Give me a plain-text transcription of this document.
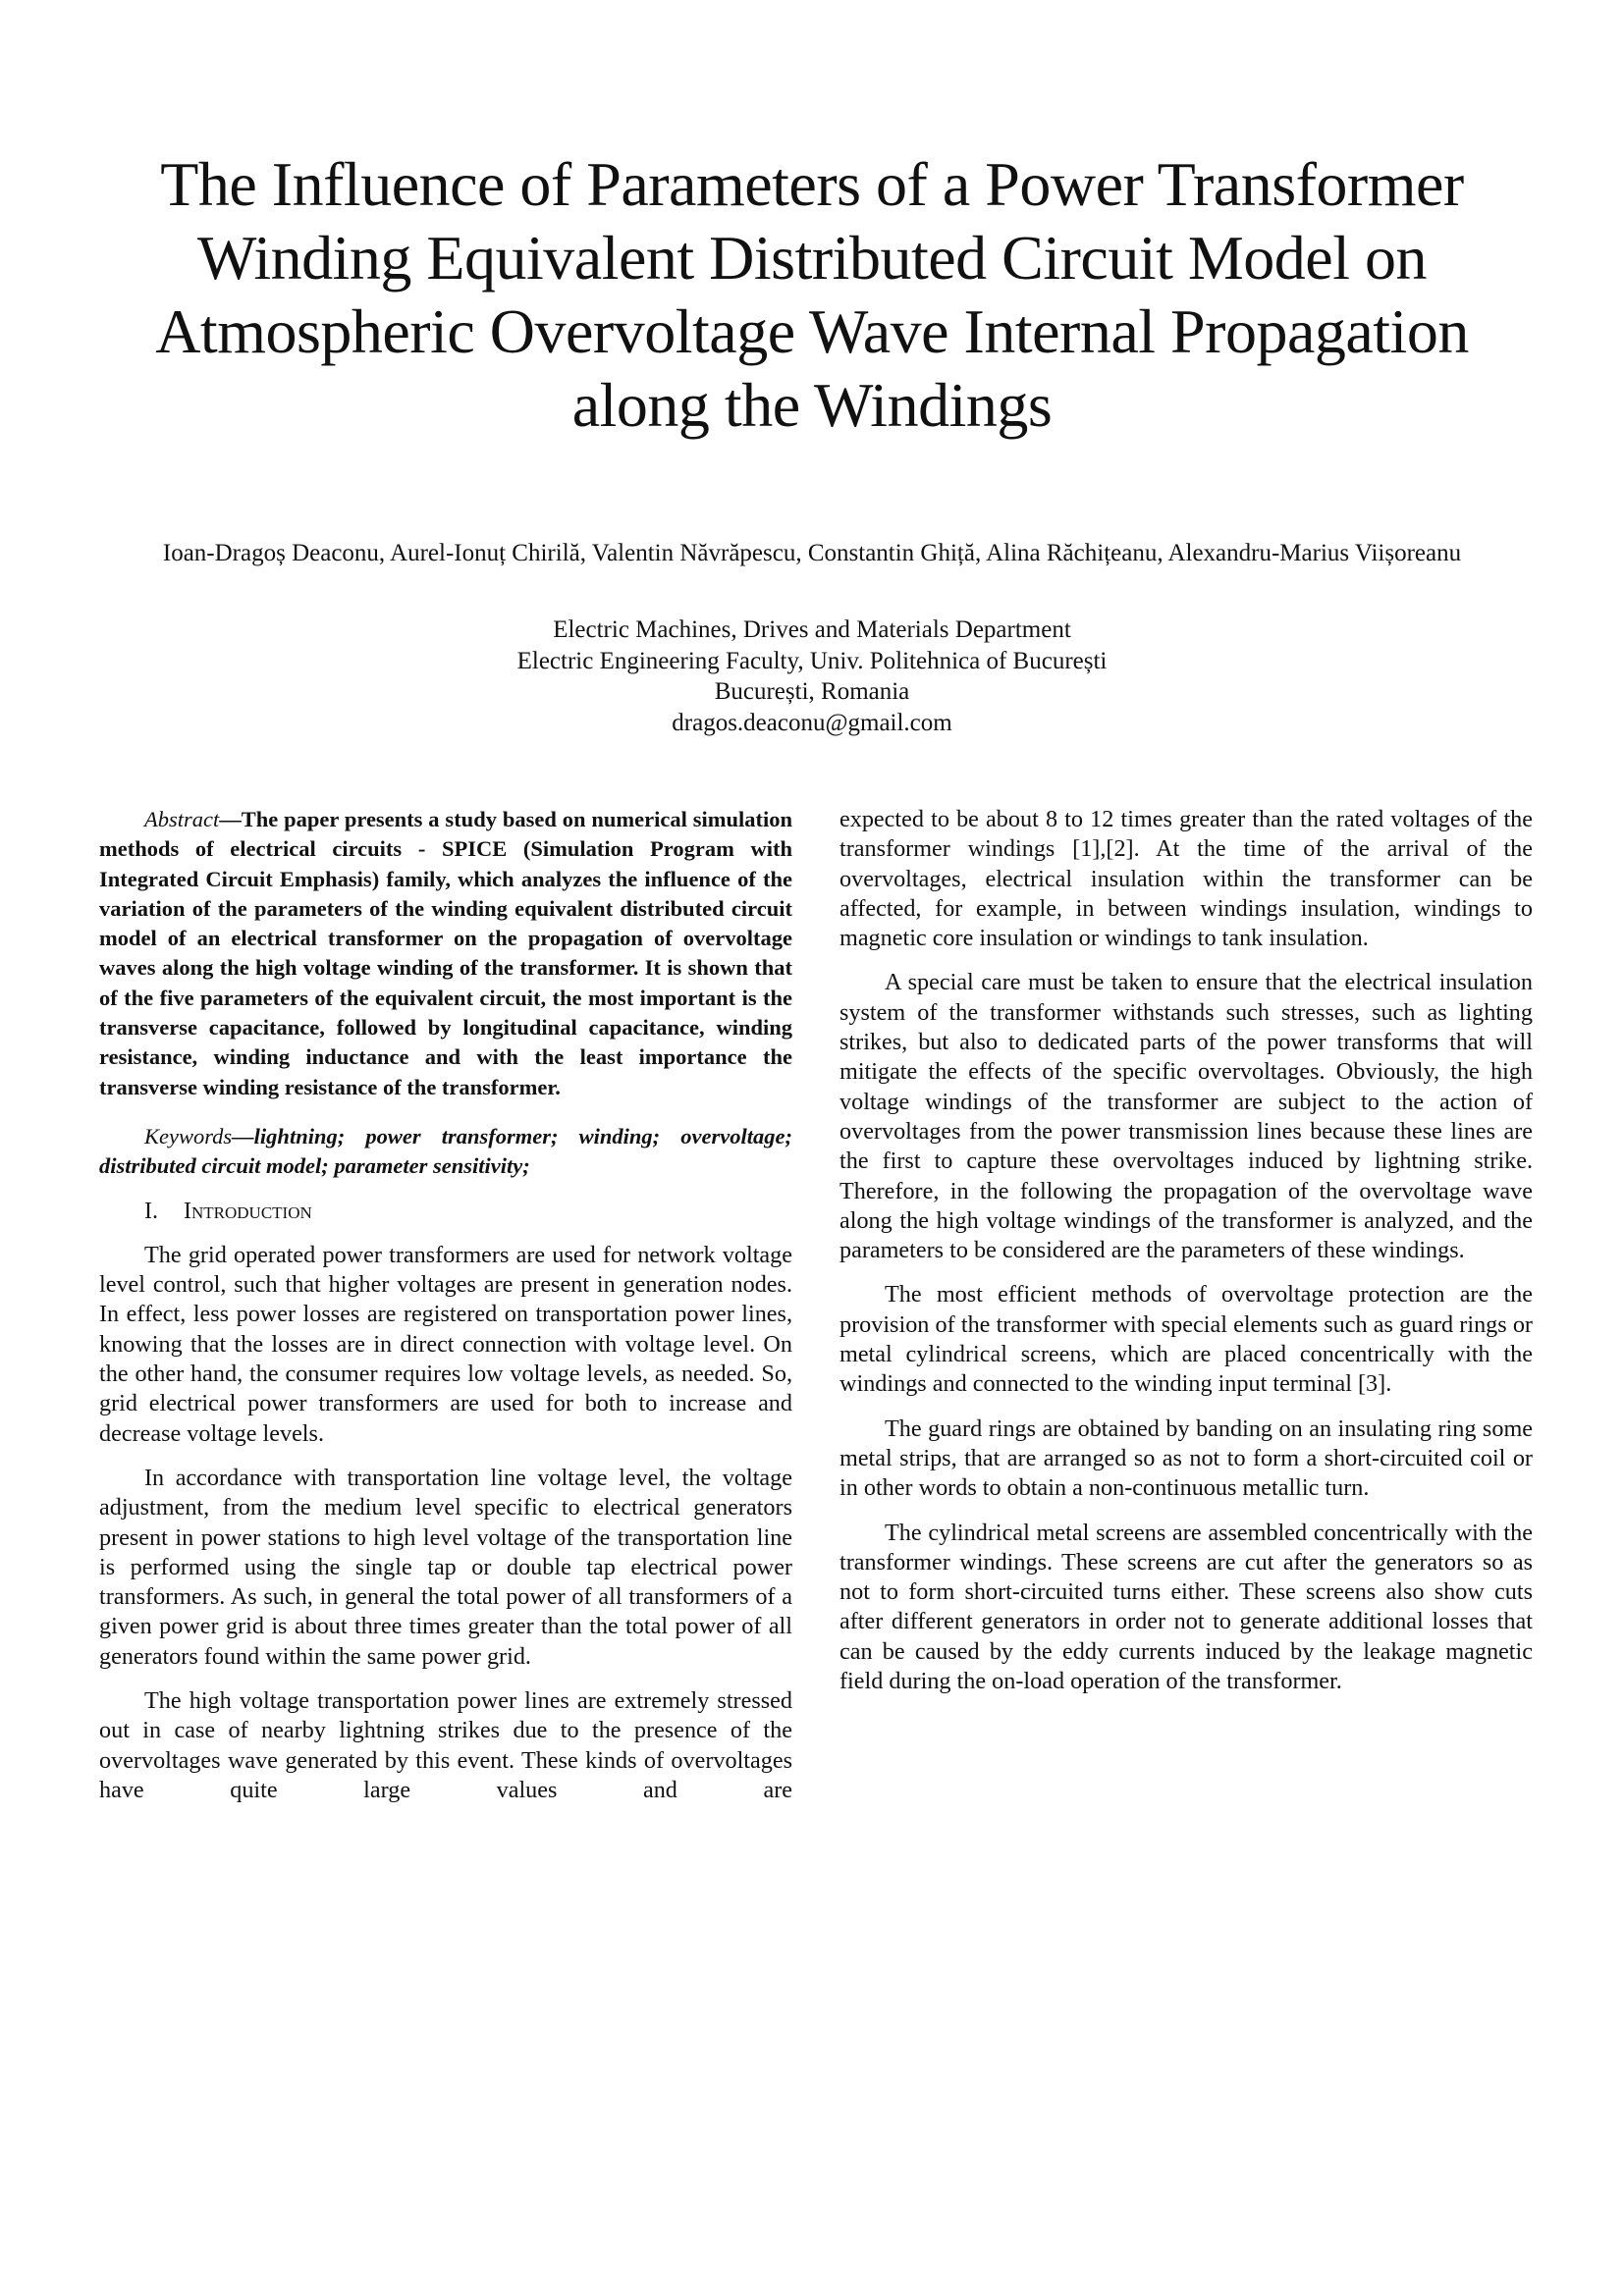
The Influence of Parameters of a Power Transformer
Winding Equivalent Distributed Circuit Model on
Atmospheric Overvoltage Wave Internal Propagation
along the Windings

Ioan-Dragoș Deaconu, Aurel-Ionuț Chirilă, Valentin Năvrăpescu, Constantin Ghiță, Alina Răchițeanu, Alexandru-Marius Viișoreanu

Electric Machines, Drives and Materials Department
Electric Engineering Faculty, Univ. Politehnica of București
București, Romania
dragos.deaconu@gmail.com

Abstract—The paper presents a study based on numerical simulation methods of electrical circuits - SPICE (Simulation Program with Integrated Circuit Emphasis) family, which analyzes the influence of the variation of the parameters of the winding equivalent distributed circuit model of an electrical transformer on the propagation of overvoltage waves along the high voltage winding of the transformer. It is shown that of the five parameters of the equivalent circuit, the most important is the transverse capacitance, followed by longitudinal capacitance, winding resistance, winding inductance and with the least importance the transverse winding resistance of the transformer.

Keywords—lightning; power transformer; winding; overvoltage; distributed circuit model; parameter sensitivity;

I. Introduction

The grid operated power transformers are used for network voltage level control, such that higher voltages are present in generation nodes. In effect, less power losses are registered on transportation power lines, knowing that the losses are in direct connection with voltage level. On the other hand, the consumer requires low voltage levels, as needed. So, grid electrical power transformers are used for both to increase and decrease voltage levels.

In accordance with transportation line voltage level, the voltage adjustment, from the medium level specific to electrical generators present in power stations to high level voltage of the transportation line is performed using the single tap or double tap electrical power transformers. As such, in general the total power of all transformers of a given power grid is about three times greater than the total power of all generators found within the same power grid.

The high voltage transportation power lines are extremely stressed out in case of nearby lightning strikes due to the presence of the overvoltages wave generated by this event. These kinds of overvoltages have quite large values and are

expected to be about 8 to 12 times greater than the rated voltages of the transformer windings [1],[2]. At the time of the arrival of the overvoltages, electrical insulation within the transformer can be affected, for example, in between windings insulation, windings to magnetic core insulation or windings to tank insulation.

A special care must be taken to ensure that the electrical insulation system of the transformer withstands such stresses, such as lighting strikes, but also to dedicated parts of the power transforms that will mitigate the effects of the specific overvoltages. Obviously, the high voltage windings of the transformer are subject to the action of overvoltages from the power transmission lines because these lines are the first to capture these overvoltages induced by lightning strike. Therefore, in the following the propagation of the overvoltage wave along the high voltage windings of the transformer is analyzed, and the parameters to be considered are the parameters of these windings.

The most efficient methods of overvoltage protection are the provision of the transformer with special elements such as guard rings or metal cylindrical screens, which are placed concentrically with the windings and connected to the winding input terminal [3].

The guard rings are obtained by banding on an insulating ring some metal strips, that are arranged so as not to form a short-circuited coil or in other words to obtain a non-continuous metallic turn.

The cylindrical metal screens are assembled concentrically with the transformer windings. These screens are cut after the generators so as not to form short-circuited turns either. These screens also show cuts after different generators in order not to generate additional losses that can be caused by the eddy currents induced by the leakage magnetic field during the on-load operation of the transformer.
